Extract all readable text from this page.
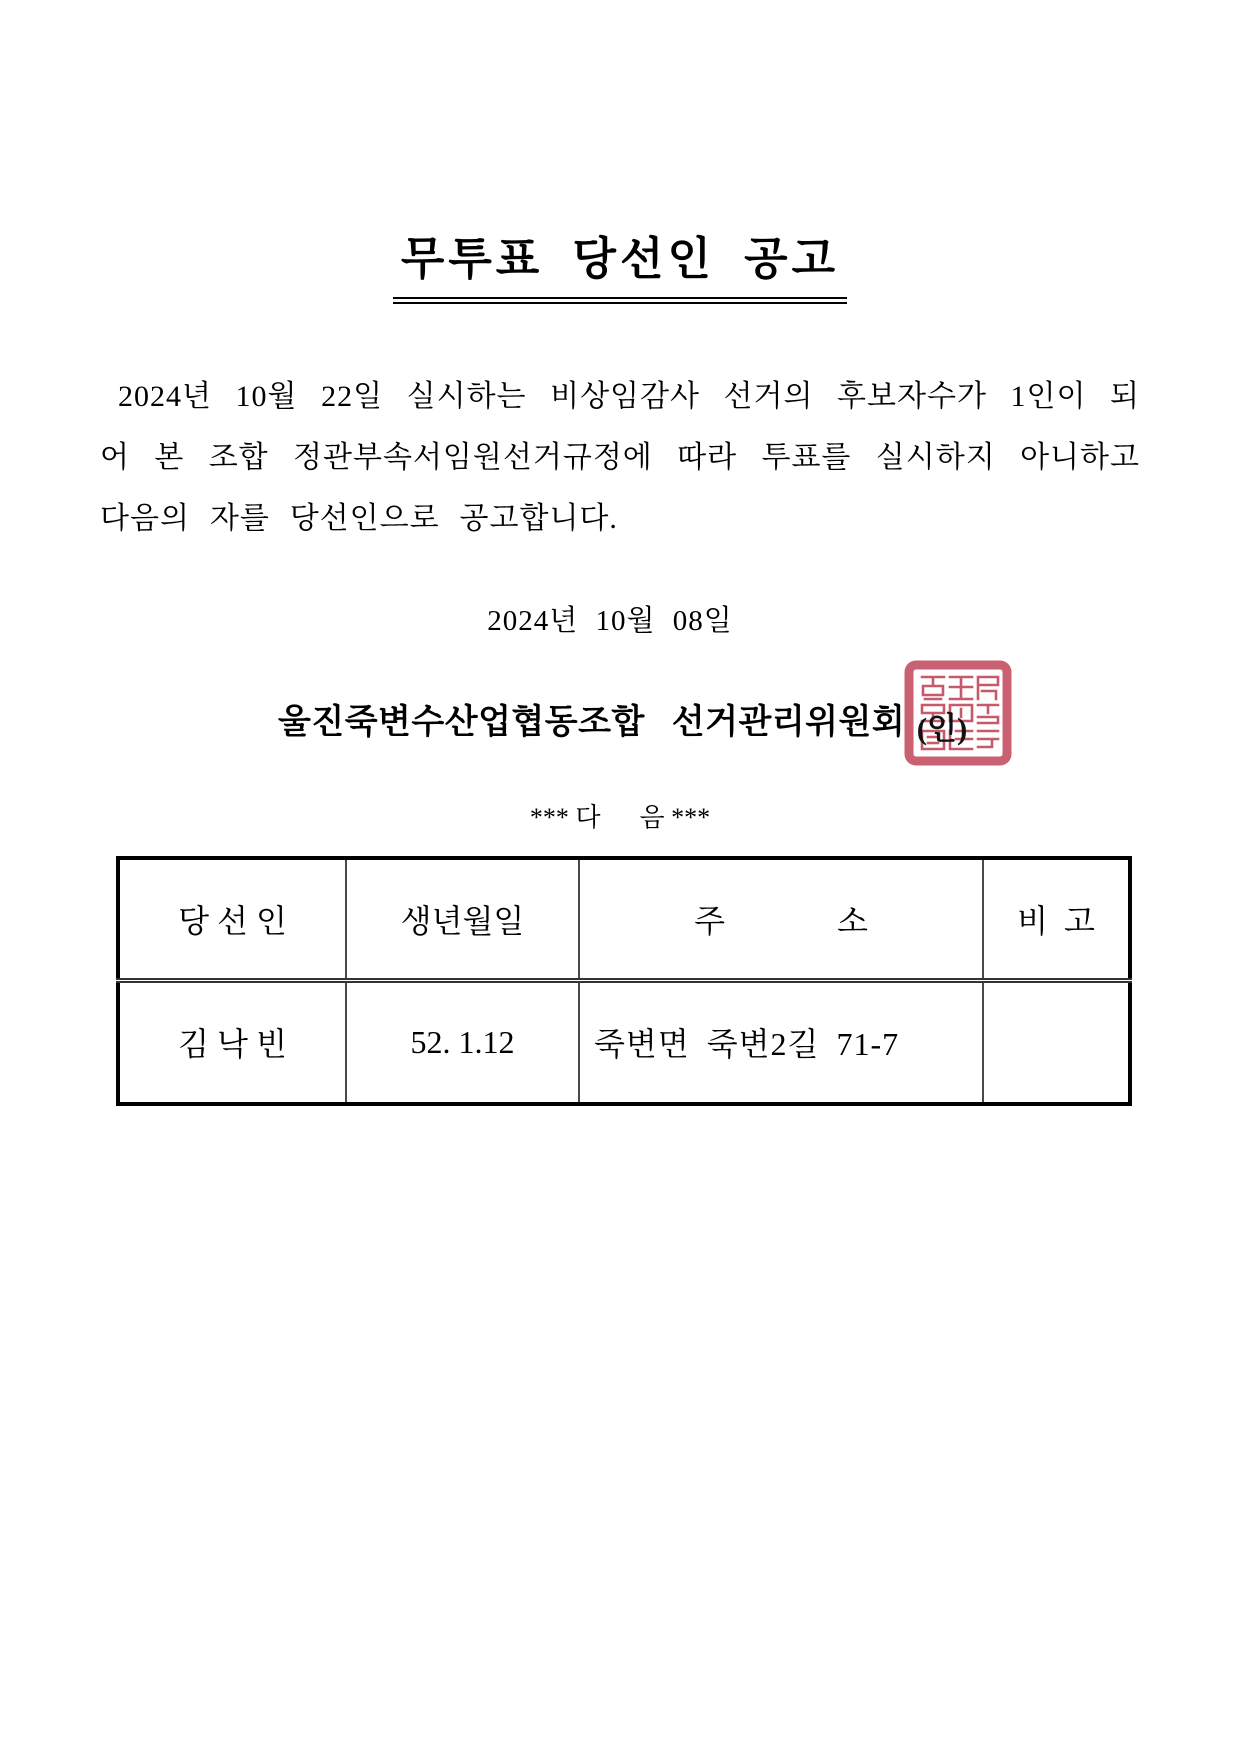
무투표 당선인 공고

2024년 10월 22일 실시하는 비상임감사 선거의 후보자수가 1인이 되어 본 조합 정관부속서임원선거규정에 따라 투표를 실시하지 아니하고 다음의 자를 당선인으로 공고합니다.

2024년 10월 08일
울진죽변수산업협동조합   선거관리위원회 (인)
*** 다      음 ***
당 선 인	생년월일	주              소	비  고
김 낙 빈	52. 1.12	죽변면 죽변2길 71-7	
